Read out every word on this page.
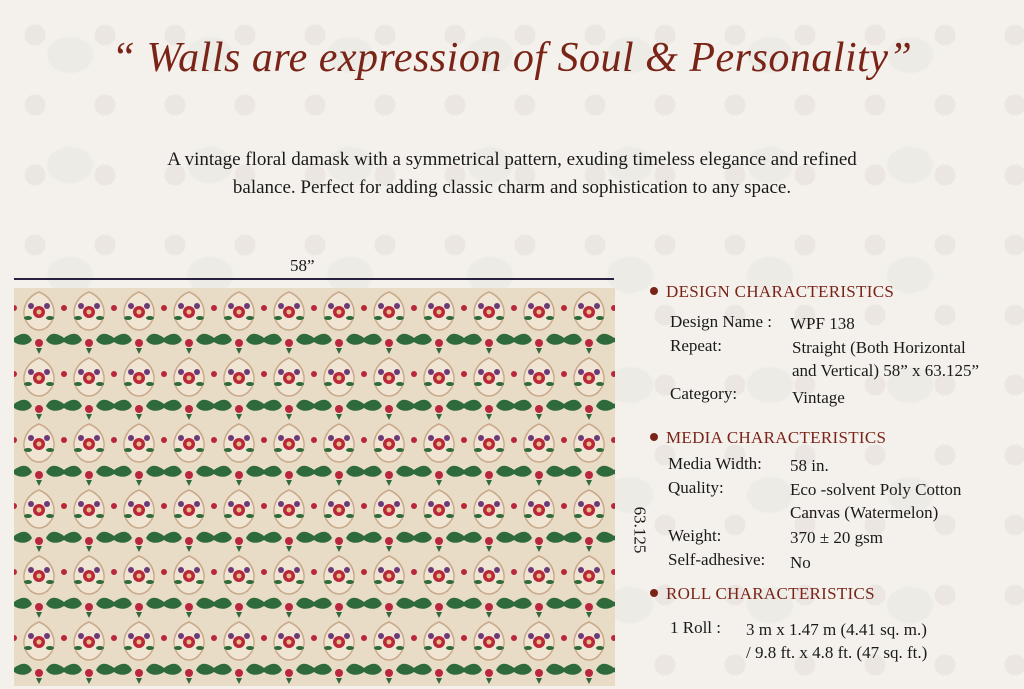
“ Walls are expression of Soul & Personality”
A vintage floral damask with a symmetrical pattern, exuding timeless elegance and refined
balance. Perfect for adding classic charm and sophistication to any space.
58”
63.125
DESIGN CHARACTERISTICS
Design Name : WPF 138
Repeat:	Straight (Both Horizontal
and Vertical) 58” x 63.125”
Category:	Vintage
MEDIA CHARACTERISTICS
Media Width: 58 in.
Quality:	Eco -solvent Poly Cotton
Canvas (Watermelon)
Weight:	370 ± 20 gsm
Self-adhesive: No
ROLL CHARACTERISTICS
1 Roll : 3 m x 1.47 m (4.41 sq. m.)
/ 9.8 ft. x 4.8 ft. (47 sq. ft.)
